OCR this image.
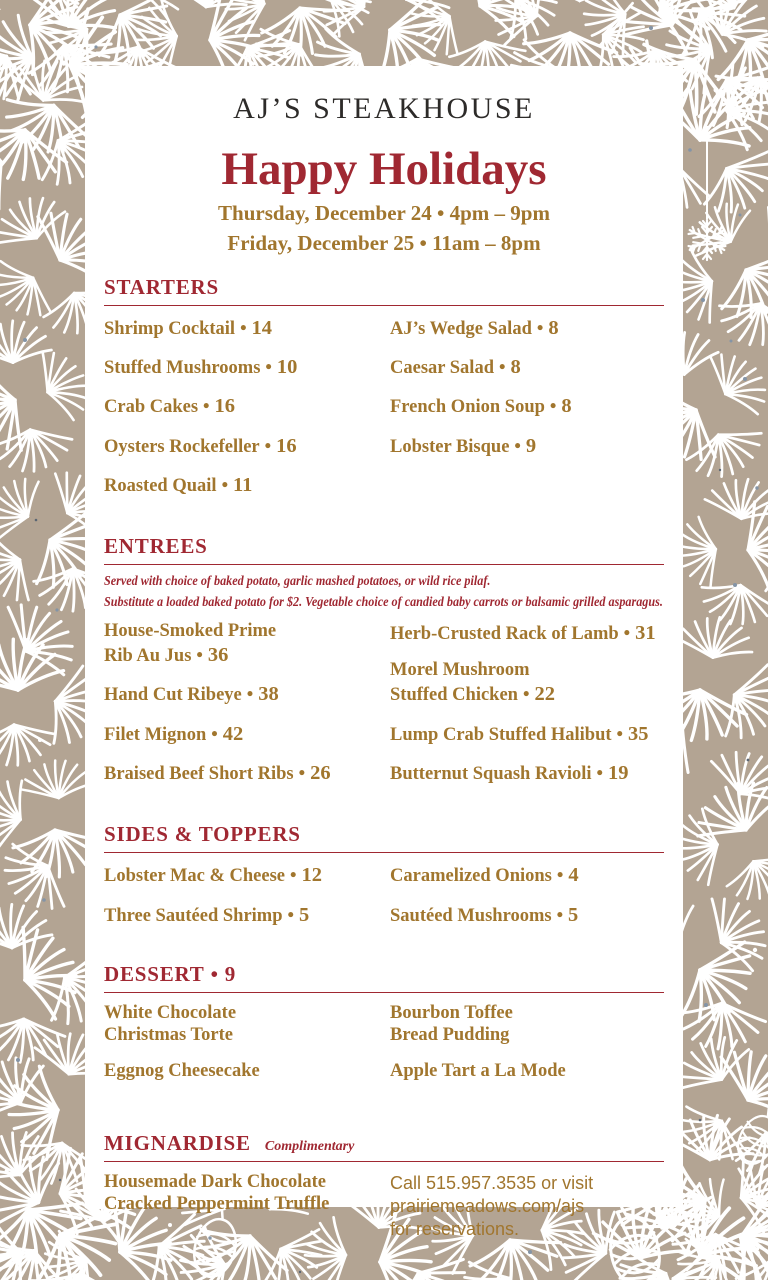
AJ’S STEAKHOUSE
Happy Holidays
Thursday, December 24 • 4pm – 9pm
Friday, December 25 • 11am – 8pm
STARTERS
Shrimp Cocktail • 14
Stuffed Mushrooms • 10
Crab Cakes • 16
Oysters Rockefeller • 16
Roasted Quail • 11
AJ’s Wedge Salad • 8
Caesar Salad • 8
French Onion Soup • 8
Lobster Bisque • 9
ENTREES
Served with choice of baked potato, garlic mashed potatoes, or wild rice pilaf.
Substitute a loaded baked potato for $2. Vegetable choice of candied baby carrots or balsamic grilled asparagus.
House-Smoked Prime
Rib Au Jus • 36
Hand Cut Ribeye • 38
Filet Mignon • 42
Braised Beef Short Ribs • 26
Herb-Crusted Rack of Lamb • 31
Morel Mushroom
Stuffed Chicken • 22
Lump Crab Stuffed Halibut • 35
Butternut Squash Ravioli • 19
SIDES & TOPPERS
Lobster Mac & Cheese • 12
Three Sautéed Shrimp • 5
Caramelized Onions • 4
Sautéed Mushrooms • 5
DESSERT • 9
White Chocolate
Christmas Torte
Eggnog Cheesecake
Bourbon Toffee
Bread Pudding
Apple Tart a La Mode
MIGNARDISE Complimentary
Housemade Dark Chocolate
Cracked Peppermint Truffle
Call 515.957.3535 or visit
prairiemeadows.com/ajs
for reservations.
